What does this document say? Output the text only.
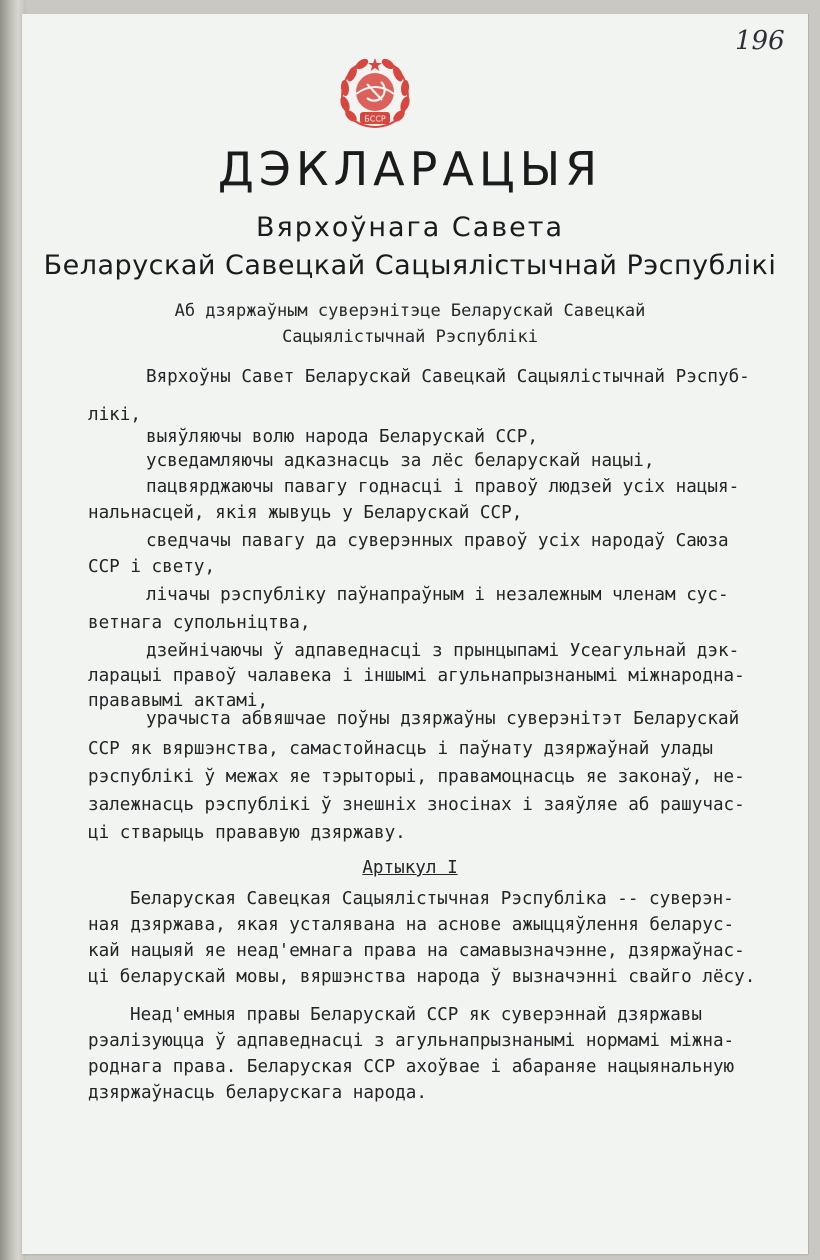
196
БССР
ДЭКЛАРАЦЫЯ
Вярхоўнага Савета
Беларускай Савецкай Сацыялістычнай Рэспублікі
Аб дзяржаўным суверэнітэце Беларускай Савецкай
Сацыялістычнай Рэспублікі
Вярхоўны Савет Беларускай Савецкай Сацыялістычнай Рэспуб-
лікі,
выяўляючы волю народа Беларускай ССР,
усведамляючы адказнасць за лёс беларускай нацыі,
пацвярджаючы павагу годнасці і правоў людзей усіх нацыя-
нальнасцей, якія жывуць у Беларускай ССР,
сведчачы павагу да суверэнных правоў усіх народаў Саюза
ССР і свету,
лічачы рэспубліку паўнапраўным і незалежным членам сус-
ветнага супольніцтва,
дзейнічаючы ў адпаведнасці з прынцыпамі Усеагульнай дэк-
ларацыі правоў чалавека і іншымі агульнапрызнанымі міжнародна-
прававымі актамі,
урачыста абвяшчае поўны дзяржаўны суверэнітэт Беларускай
ССР як вяршэнства, самастойнасць і паўнату дзяржаўнай улады
рэспублікі ў межах яе тэрыторыі, правамоцнасць яе законаў, не-
залежнасць рэспублікі ў знешніх зносінах і заяўляе аб рашучас-
ці стварыць прававую дзяржаву.
Артыкул I
Беларуская Савецкая Сацыялістычная Рэспубліка -- суверэн-
ная дзяржава, якая усталявана на аснове ажыццяўлення беларус-
кай нацыяй яе неад'емнага права на самавызначэнне, дзяржаўнас-
ці беларускай мовы, вяршэнства народа ў вызначэнні свайго лёсу.
Неад'емныя правы Беларускай ССР як суверэннай дзяржавы
рэалізуюцца ў адпаведнасці з агульнапрызнанымі нормамі міжна-
роднага права. Беларуская ССР ахоўвае і абараняе нацыянальную
дзяржаўнасць беларускага народа.
